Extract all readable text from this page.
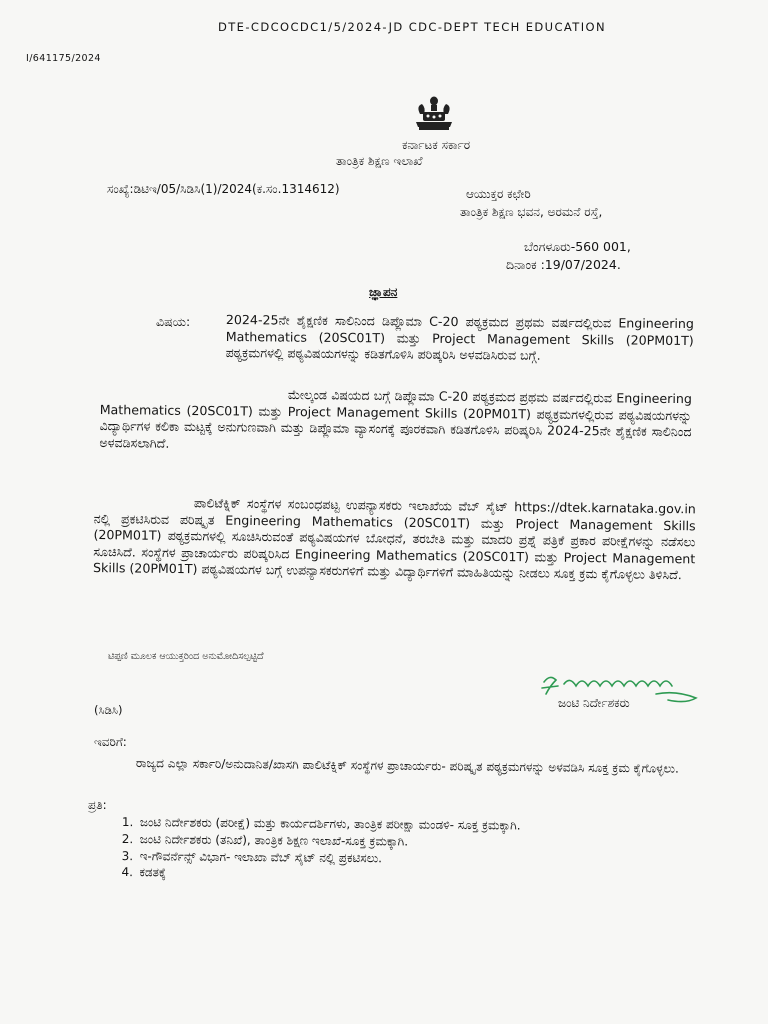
DTE-CDCOCDC1/5/2024-JD CDC-DEPT TECH EDUCATION
I/641175/2024
ಕರ್ನಾಟಕ ಸರ್ಕಾರ
ತಾಂತ್ರಿಕ ಶಿಕ್ಷಣ ಇಲಾಖೆ
ಸಂಖ್ಯೆ:ಡಿಟಿಇ/05/ಸಿಡಿಸಿ(1)/2024(ಕ.ಸಂ.1314612)	ಆಯುಕ್ತರ ಕಛೇರಿ
ತಾಂತ್ರಿಕ ಶಿಕ್ಷಣ ಭವನ, ಅರಮನೆ ರಸ್ತೆ,
ಬೆಂಗಳೂರು-560 001,
ದಿನಾಂಕ :19/07/2024.
ಜ್ಞಾಪನ
ವಿಷಯ:	2024-25ನೇ ಶೈಕ್ಷಣಿಕ ಸಾಲಿನಿಂದ ಡಿಪ್ಲೊಮಾ C-20 ಪಠ್ಯಕ್ರಮದ ಪ್ರಥಮ ವರ್ಷದಲ್ಲಿರುವ Engineering Mathematics (20SC01T) ಮತ್ತು Project Management Skills (20PM01T) ಪಠ್ಯಕ್ರಮಗಳಲ್ಲಿ ಪಠ್ಯವಿಷಯಗಳನ್ನು ಕಡಿತಗೊಳಿಸಿ ಪರಿಷ್ಕರಿಸಿ ಅಳವಡಿಸಿರುವ ಬಗ್ಗೆ.
ಮೇಲ್ಕಂಡ ವಿಷಯದ ಬಗ್ಗೆ ಡಿಪ್ಲೊಮಾ C-20 ಪಠ್ಯಕ್ರಮದ ಪ್ರಥಮ ವರ್ಷದಲ್ಲಿರುವ Engineering Mathematics (20SC01T) ಮತ್ತು Project Management Skills (20PM01T) ಪಠ್ಯಕ್ರಮಗಳಲ್ಲಿರುವ ಪಠ್ಯವಿಷಯಗಳನ್ನು ವಿದ್ಯಾರ್ಥಿಗಳ ಕಲಿಕಾ ಮಟ್ಟಕ್ಕೆ ಅನುಗುಣವಾಗಿ ಮತ್ತು ಡಿಪ್ಲೊಮಾ ವ್ಯಾಸಂಗಕ್ಕೆ ಪೂರಕವಾಗಿ ಕಡಿತಗೊಳಿಸಿ ಪರಿಷ್ಕರಿಸಿ 2024-25ನೇ ಶೈಕ್ಷಣಿಕ ಸಾಲಿನಿಂದ ಅಳವಡಿಸಲಾಗಿದೆ.
ಪಾಲಿಟೆಕ್ನಿಕ್ ಸಂಸ್ಥೆಗಳ ಸಂಬಂಧಪಟ್ಟ ಉಪನ್ಯಾಸಕರು ಇಲಾಖೆಯ ವೆಬ್ ಸೈಟ್ https://dtek.karnataka.gov.in ನಲ್ಲಿ ಪ್ರಕಟಿಸಿರುವ ಪರಿಷ್ಕೃತ Engineering Mathematics (20SC01T) ಮತ್ತು Project Management Skills (20PM01T) ಪಠ್ಯಕ್ರಮಗಳಲ್ಲಿ ಸೂಚಿಸಿರುವಂತೆ ಪಠ್ಯವಿಷಯಗಳ ಬೋಧನೆ, ತರಬೇತಿ ಮತ್ತು ಮಾದರಿ ಪ್ರಶ್ನೆ ಪತ್ರಿಕೆ ಪ್ರಕಾರ ಪರೀಕ್ಷೆಗಳನ್ನು ನಡೆಸಲು ಸೂಚಿಸಿದೆ. ಸಂಸ್ಥೆಗಳ ಪ್ರಾಚಾರ್ಯರು ಪರಿಷ್ಕರಿಸಿದ Engineering Mathematics (20SC01T) ಮತ್ತು Project Management Skills (20PM01T) ಪಠ್ಯವಿಷಯಗಳ ಬಗ್ಗೆ ಉಪನ್ಯಾಸಕರುಗಳಿಗೆ ಮತ್ತು ವಿದ್ಯಾರ್ಥಿಗಳಿಗೆ ಮಾಹಿತಿಯನ್ನು ನೀಡಲು ಸೂಕ್ತ ಕ್ರಮ ಕೈಗೊಳ್ಳಲು ತಿಳಿಸಿದೆ.
ಟಿಪ್ಪಣಿ ಮೂಲಕ ಆಯುಕ್ತರಿಂದ ಅನುಮೋದಿಸಲ್ಪಟ್ಟಿದೆ
ಜಂಟಿ ನಿರ್ದೇಶಕರು
(ಸಿಡಿಸಿ)
ಇವರಿಗೆ:
ರಾಜ್ಯದ ಎಲ್ಲಾ ಸರ್ಕಾರಿ/ಅನುದಾನಿತ/ಖಾಸಗಿ ಪಾಲಿಟೆಕ್ನಿಕ್ ಸಂಸ್ಥೆಗಳ ಪ್ರಾಚಾರ್ಯರು- ಪರಿಷ್ಕೃತ ಪಠ್ಯಕ್ರಮಗಳನ್ನು ಅಳವಡಿಸಿ ಸೂಕ್ತ ಕ್ರಮ ಕೈಗೊಳ್ಳಲು.
ಪ್ರತಿ:
1. ಜಂಟಿ ನಿರ್ದೇಶಕರು (ಪರೀಕ್ಷೆ) ಮತ್ತು ಕಾರ್ಯದರ್ಶಿಗಳು, ತಾಂತ್ರಿಕ ಪರೀಕ್ಷಾ ಮಂಡಳಿ- ಸೂಕ್ತ ಕ್ರಮಕ್ಕಾಗಿ.
2. ಜಂಟಿ ನಿರ್ದೇಶಕರು (ತನಿಖೆ), ತಾಂತ್ರಿಕ ಶಿಕ್ಷಣ ಇಲಾಖೆ-ಸೂಕ್ತ ಕ್ರಮಕ್ಕಾಗಿ.
3. ಇ-ಗೌವರ್ನೆನ್ಸ್ ವಿಭಾಗ- ಇಲಾಖಾ ವೆಬ್ ಸೈಟ್ ನಲ್ಲಿ ಪ್ರಕಟಿಸಲು.
4. ಕಡತಕ್ಕೆ
